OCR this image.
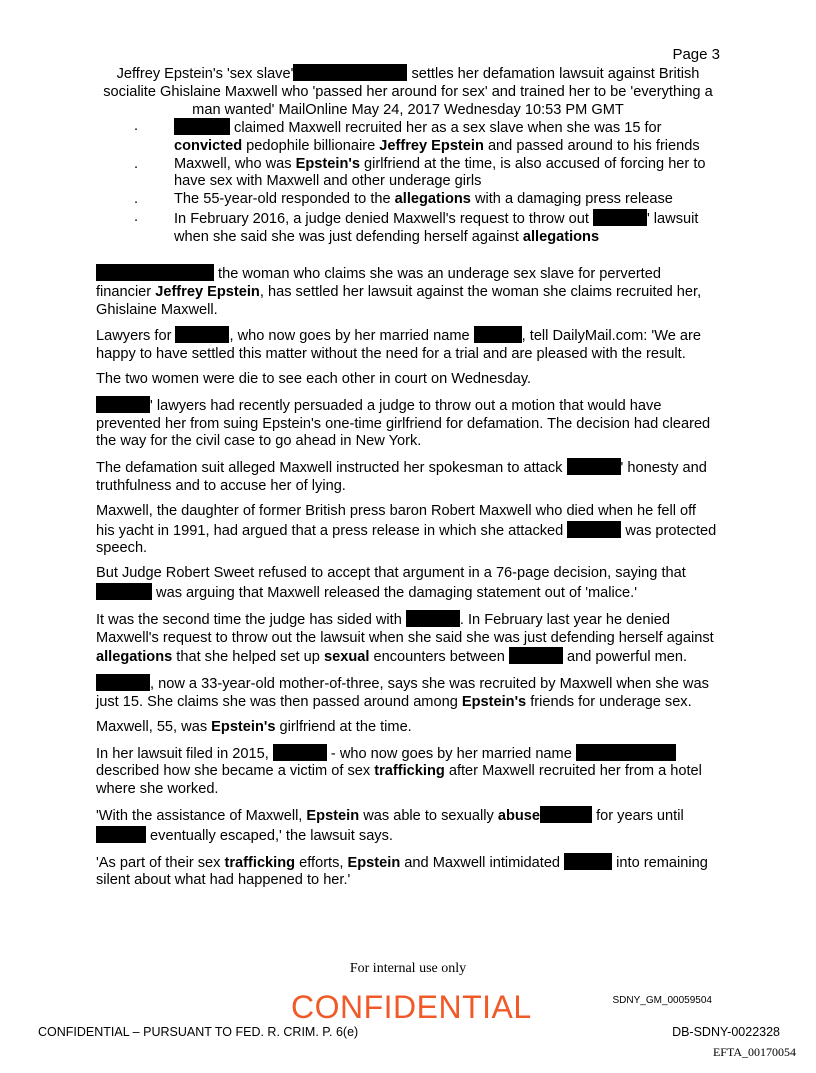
Page 3
Jeffrey Epstein's 'sex slave'	settles her defamation lawsuit against British socialite Ghislaine Maxwell who 'passed her around for sex' and trained her to be 'everything a man wanted' MailOnline May 24, 2017 Wednesday 10:53 PM GMT
.	claimed Maxwell recruited her as a sex slave when she was 15 for convicted pedophile billionaire Jeffrey Epstein and passed around to his friends
. Maxwell, who was Epstein's girlfriend at the time, is also accused of forcing her to have sex with Maxwell and other underage girls
. The 55-year-old responded to the allegations with a damaging press release
. In February 2016, a judge denied Maxwell's request to throw out	' lawsuit when she said she was just defending herself against allegations

the woman who claims she was an underage sex slave for perverted financier Jeffrey Epstein, has settled her lawsuit against the woman she claims recruited her, Ghislaine Maxwell.

Lawyers for	, who now goes by her married name	, tell DailyMail.com: 'We are happy to have settled this matter without the need for a trial and are pleased with the result.

The two women were die to see each other in court on Wednesday.

' lawyers had recently persuaded a judge to throw out a motion that would have prevented her from suing Epstein's one-time girlfriend for defamation. The decision had cleared the way for the civil case to go ahead in New York.

The defamation suit alleged Maxwell instructed her spokesman to attack	' honesty and truthfulness and to accuse her of lying.

Maxwell, the daughter of former British press baron Robert Maxwell who died when he fell off his yacht in 1991, had argued that a press release in which she attacked	was protected speech.

But Judge Robert Sweet refused to accept that argument in a 76-page decision, saying that  was arguing that Maxwell released the damaging statement out of 'malice.'

It was the second time the judge has sided with	. In February last year he denied Maxwell's request to throw out the lawsuit when she said she was just defending herself against allegations that she helped set up sexual encounters between	and powerful men.

, now a 33-year-old mother-of-three, says she was recruited by Maxwell when she was just 15. She claims she was then passed around among Epstein's friends for underage sex.

Maxwell, 55, was Epstein's girlfriend at the time.

In her lawsuit filed in 2015,	- who now goes by her married name  described how she became a victim of sex trafficking after Maxwell recruited her from a hotel where she worked.

'With the assistance of Maxwell, Epstein was able to sexually abuse	for years until  eventually escaped,' the lawsuit says.

'As part of their sex trafficking efforts, Epstein and Maxwell intimidated	into remaining silent about what had happened to her.'

For internal use only
SDNY_GM_00059504
CONFIDENTIAL – PURSUANT TO FED. R. CRIM. P. 6(e)
CONFIDENTIAL
DB-SDNY-0022328
EFTA_00170054
